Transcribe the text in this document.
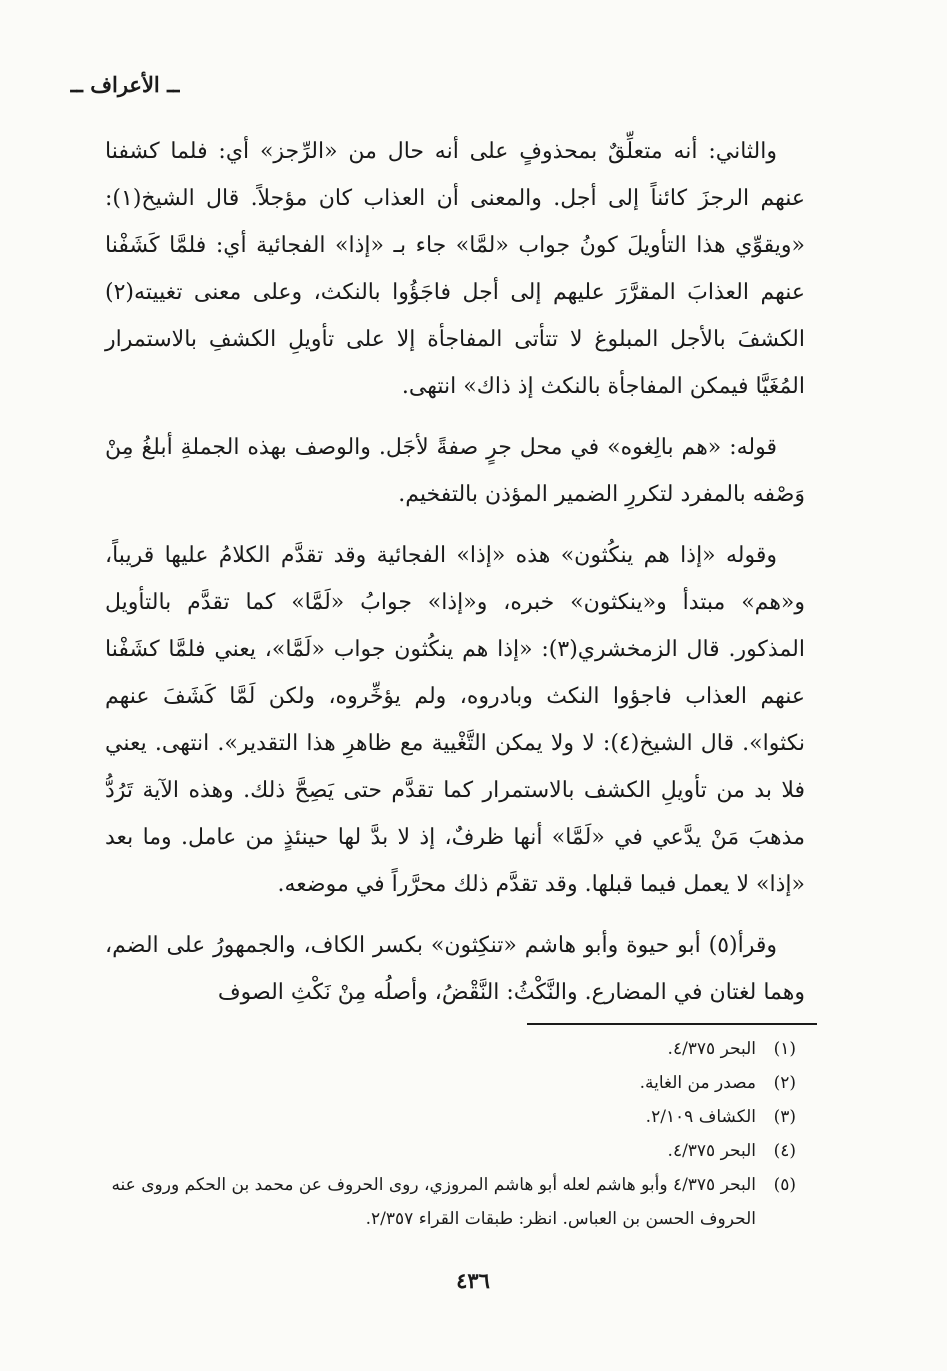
ــ الأعراف ــ

والثاني: أنه متعلِّقٌ بمحذوفٍ على أنه حال من «الرِّجز» أي: فلما كشفنا عنهم الرجزَ كائناً إلى أجل. والمعنى أن العذاب كان مؤجلاً. قال الشيخ(١): «ويقوِّي هذا التأويلَ كونُ جواب «لمَّا» جاء بـ «إذا» الفجائية أي: فلمَّا كَشَفْنا عنهم العذابَ المقرَّرَ عليهم إلى أجل فاجَؤُوا بالنكث، وعلى معنى تغييته(٢) الكشفَ بالأجل المبلوغ لا تتأتى المفاجأة إلا على تأويلِ الكشفِ بالاستمرار المُغَيَّا فيمكن المفاجأة بالنكث إذ ذاك» انتهى.

قوله: «هم بالِغوه» في محل جرٍ صفةً لأجَل. والوصف بهذه الجملةِ أبلغُ مِنْ وَصْفه بالمفرد لتكررِ الضمير المؤذن بالتفخيم.

وقوله «إذا هم ينكُثون» هذه «إذا» الفجائية وقد تقدَّم الكلامُ عليها قريباً، و«هم» مبتدأ و«ينكثون» خبره، و«إذا» جوابُ «لَمَّا» كما تقدَّم بالتأويل المذكور. قال الزمخشري(٣): «إذا هم ينكُثون جواب «لَمَّا»، يعني فلمَّا كشَفْنا عنهم العذاب فاجؤوا النكث وبادروه، ولم يؤخِّروه، ولكن لَمَّا كَشَفَ عنهم نكثوا». قال الشيخ(٤): لا ولا يمكن التَّغْيية مع ظاهرِ هذا التقدير». انتهى. يعني فلا بد من تأويلِ الكشف بالاستمرار كما تقدَّم حتى يَصِحَّ ذلك. وهذه الآية تَرُدُّ مذهبَ مَنْ يدَّعي في «لَمَّا» أنها ظرفٌ، إذ لا بدَّ لها حينئذٍ من عامل. وما بعد «إذا» لا يعمل فيما قبلها. وقد تقدَّم ذلك محرَّراً في موضعه.

وقرأ(٥) أبو حيوة وأبو هاشم «تنكِثون» بكسر الكاف، والجمهورُ على الضم، وهما لغتان في المضارع. والنَّكْثُ: النَّقْضُ، وأصلُه مِنْ نَكْثِ الصوف

(١)
البحر ٤/٣٧٥.
(٢)
مصدر من الغاية.
(٣)
الكشاف ٢/١٠٩.
(٤)
البحر ٤/٣٧٥.
(٥)
البحر ٤/٣٧٥ وأبو هاشم لعله أبو هاشم المروزي، روى الحروف عن محمد بن الحكم وروى عنه الحروف الحسن بن العباس. انظر: طبقات القراء ٢/٣٥٧.
٤٣٦
